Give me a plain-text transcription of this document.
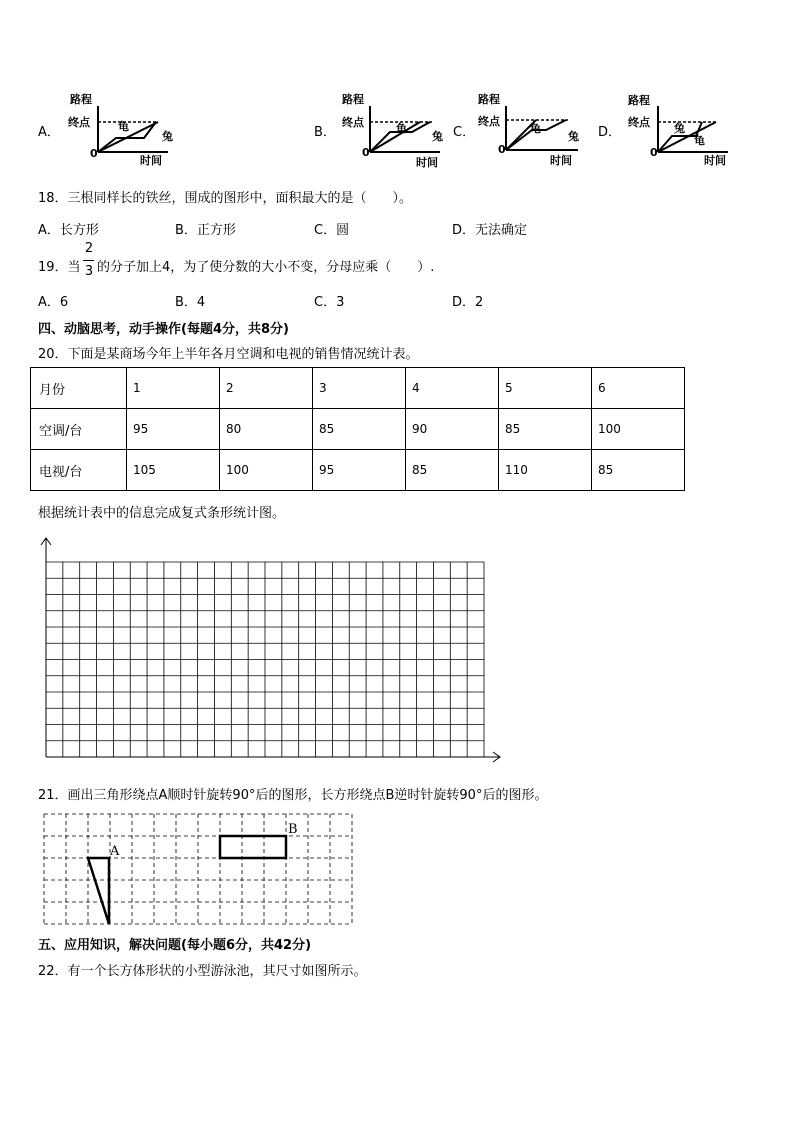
A．
路程
终点
0
时间
龟
兔	B．
路程
终点
0
时间
龟
兔 C．
路程
终点
0
时间
龟
兔 D．
路程
终点
0
时间
兔
龟
18．三根同样长的铁丝，围成的图形中，面积最大的是（　　）。
A．长方形	B．正方形	C．圆	D．无法确定
19．当
2
3 的分子加上4，为了使分数的大小不变，分母应乘（　　）.
A．6	B．4	C．3	D．2
四、动脑思考，动手操作(每题4分，共8分)
20．下面是某商场今年上半年各月空调和电视的销售情况统计表。
月份	1	2	3	4	5	6
空调/台	95	80	85	90	85	100
电视/台	105	100	95	85	110	85
根据统计表中的信息完成复式条形统计图。
21．画出三角形绕点A顺时针旋转90°后的图形，长方形绕点B逆时针旋转90°后的图形。
A
B
五、应用知识，解决问题(每小题6分，共42分)
22．有一个长方体形状的小型游泳池，其尺寸如图所示。
